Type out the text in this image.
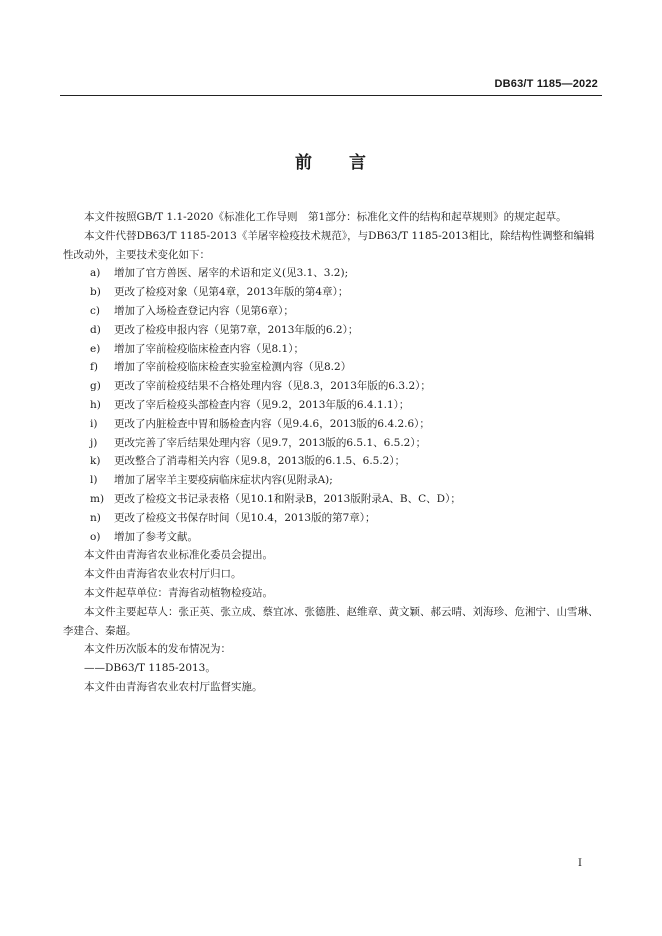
DB63/T 1185—2022
前 言

本文件按照GB/T 1.1-2020《标准化工作导则　第1部分：标准化文件的结构和起草规则》的规定起草。

本文件代替DB63/T 1185-2013《羊屠宰检疫技术规范》，与DB63/T 1185-2013相比，除结构性调整和编辑性改动外，主要技术变化如下：

a)	增加了官方兽医、屠宰的术语和定义(见3.1、3.2);
b)	更改了检疫对象（见第4章，2013年版的第4章）；
c)	增加了入场检查登记内容（见第6章）；
d)	更改了检疫申报内容（见第7章，2013年版的6.2）；
e)	增加了宰前检疫临床检查内容（见8.1）；
f)	增加了宰前检疫临床检查实验室检测内容（见8.2）
g)	更改了宰前检疫结果不合格处理内容（见8.3，2013年版的6.3.2）；
h)	更改了宰后检疫头部检查内容（见9.2，2013年版的6.4.1.1）；
i)	更改了内脏检查中胃和肠检查内容（见9.4.6，2013版的6.4.2.6）；
j)	更改完善了宰后结果处理内容（见9.7，2013版的6.5.1、6.5.2）；
k)	更改整合了消毒相关内容（见9.8，2013版的6.1.5、6.5.2）；
l)	增加了屠宰羊主要疫病临床症状内容(见附录A);
m) 更改了检疫文书记录表格（见10.1和附录B，2013版附录A、B、C、D）；
n)	更改了检疫文书保存时间（见10.4，2013版的第7章）；
o)	增加了参考文献。

本文件由青海省农业标准化委员会提出。

本文件由青海省农业农村厅归口。

本文件起草单位：青海省动植物检疫站。

本文件主要起草人：张正英、张立成、蔡宜冰、张德胜、赵维章、黄文颖、郝云晴、刘海珍、危湘宁、山雪琳、李建合、秦超。

本文件历次版本的发布情况为：

——DB63/T 1185-2013。

本文件由青海省农业农村厅监督实施。

I
